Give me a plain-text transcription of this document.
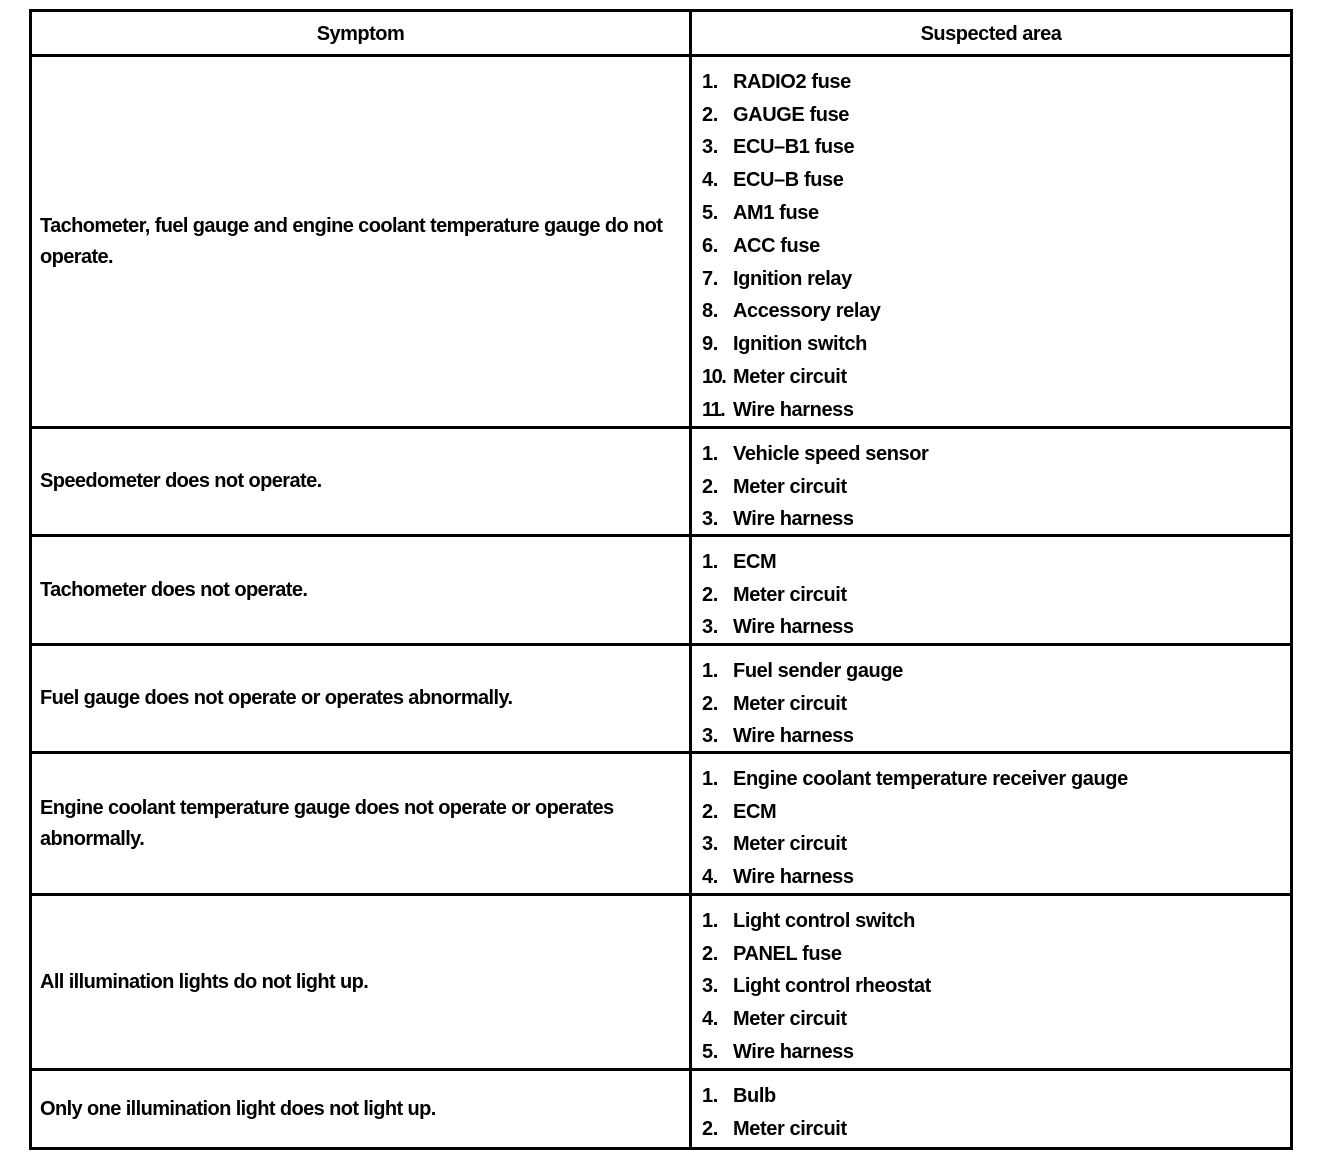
Symptom	Suspected area
Tachometer, fuel gauge and engine coolant temperature gauge do not operate.
1. RADIO2 fuse
2. GAUGE fuse
3. ECU–B1 fuse
4. ECU–B fuse
5. AM1 fuse
6. ACC fuse
7. Ignition relay
8. Accessory relay
9. Ignition switch
10. Meter circuit
11. Wire harness
Speedometer does not operate.
1. Vehicle speed sensor
2. Meter circuit
3. Wire harness
Tachometer does not operate.
1. ECM
2. Meter circuit
3. Wire harness
Fuel gauge does not operate or operates abnormally.
1. Fuel sender gauge
2. Meter circuit
3. Wire harness
Engine coolant temperature gauge does not operate or operates abnormally.
1. Engine coolant temperature receiver gauge
2. ECM
3. Meter circuit
4. Wire harness
All illumination lights do not light up.
1. Light control switch
2. PANEL fuse
3. Light control rheostat
4. Meter circuit
5. Wire harness
Only one illumination light does not light up.
1. Bulb
2. Meter circuit
